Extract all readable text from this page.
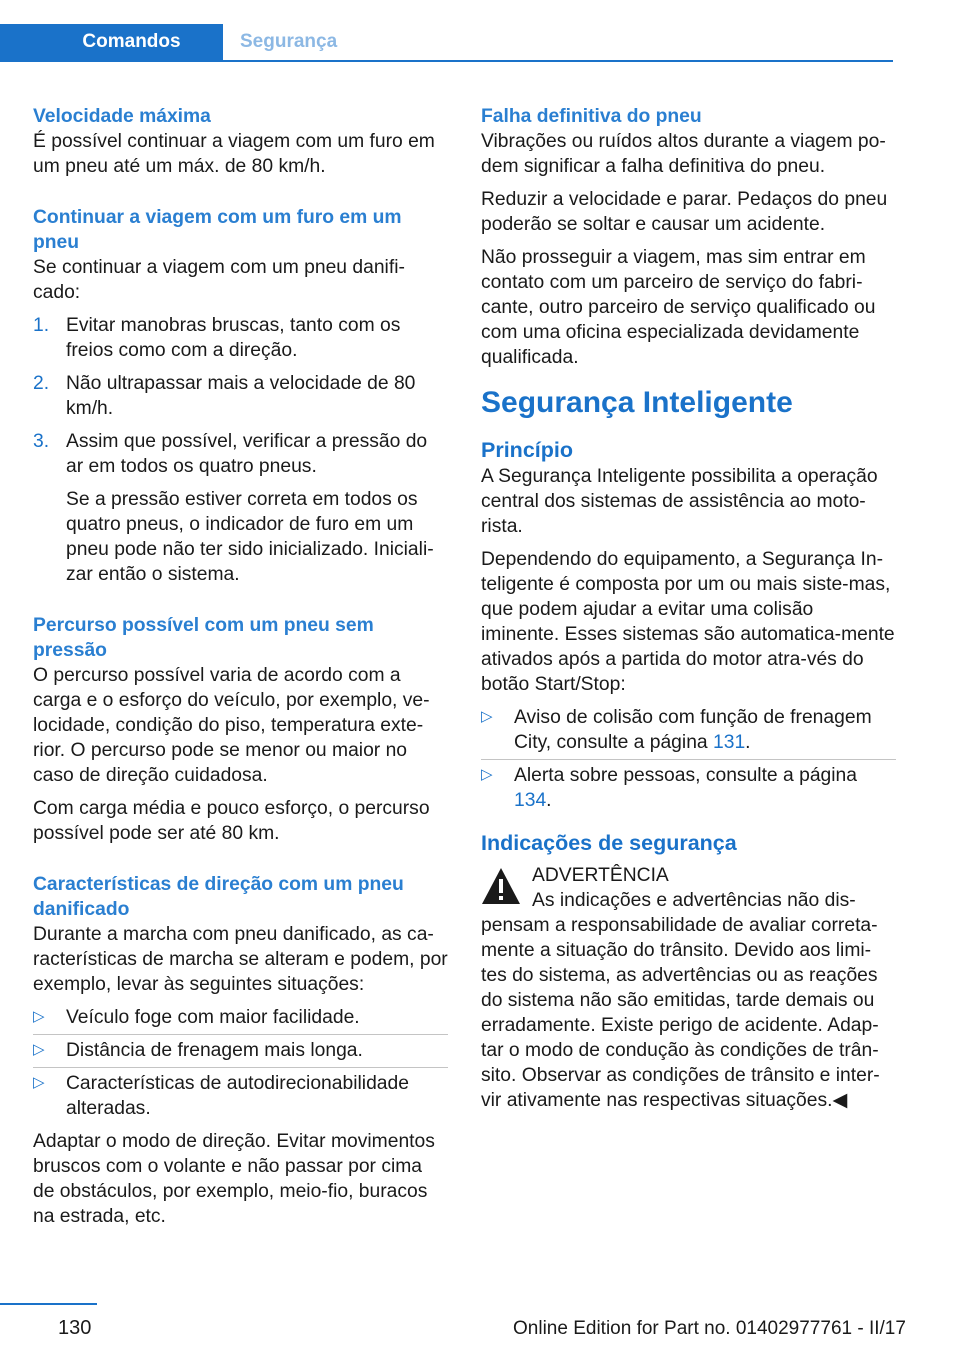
Comandos	Segurança
Velocidade máxima

É possível continuar a viagem com um furo em um pneu até um máx. de 80 km/h.

Continuar a viagem com um furo em um pneu

Se continuar a viagem com um pneu danifi‐cado:

1. Evitar manobras bruscas, tanto com os freios como com a direção.
2. Não ultrapassar mais a velocidade de 80 km/h.
3. Assim que possível, verificar a pressão do ar em todos os quatro pneus.
Se a pressão estiver correta em todos os quatro pneus, o indicador de furo em um pneu pode não ter sido inicializado. Iniciali‐zar então o sistema.
Percurso possível com um pneu sem pressão

O percurso possível varia de acordo com a carga e o esforço do veículo, por exemplo, ve‐locidade, condição do piso, temperatura exte‐rior. O percurso pode se menor ou maior no caso de direção cuidadosa.

Com carga média e pouco esforço, o percurso possível pode ser até 80 km.

Características de direção com um pneu danificado

Durante a marcha com pneu danificado, as ca‐racterísticas de marcha se alteram e podem, por exemplo, levar às seguintes situações:

▷ Veículo foge com maior facilidade.
▷ Distância de frenagem mais longa.
▷ Características de autodirecionabilidade alteradas.

Adaptar o modo de direção. Evitar movimentos bruscos com o volante e não passar por cima de obstáculos, por exemplo, meio-fio, buracos na estrada, etc.

Falha definitiva do pneu

Vibrações ou ruídos altos durante a viagem po‐dem significar a falha definitiva do pneu.

Reduzir a velocidade e parar. Pedaços do pneu poderão se soltar e causar um acidente.

Não prosseguir a viagem, mas sim entrar em contato com um parceiro de serviço do fabri‐cante, outro parceiro de serviço qualificado ou com uma oficina especializada devidamente qualificada.

Segurança Inteligente
Princípio

A Segurança Inteligente possibilita a operação central dos sistemas de assistência ao moto‐rista.

Dependendo do equipamento, a Segurança In‐teligente é composta por um ou mais siste‐mas, que podem ajudar a evitar uma colisão iminente. Esses sistemas são automatica‐mente ativados após a partida do motor atra‐vés do botão Start/Stop:

▷ Aviso de colisão com função de frenagem City, consulte a página 131.
▷ Alerta sobre pessoas, consulte a página 134.
Indicações de segurança

ADVERTÊNCIA

As indicações e advertências não dis‐pensam a responsabilidade de avaliar correta‐mente a situação do trânsito. Devido aos limi‐tes do sistema, as advertências ou as reações do sistema não são emitidas, tarde demais ou erradamente. Existe perigo de acidente. Adap‐tar o modo de condução às condições de trân‐sito. Observar as condições de trânsito e inter‐vir ativamente nas respectivas situações.◀

130	Online Edition for Part no. 01402977761 - II/17
